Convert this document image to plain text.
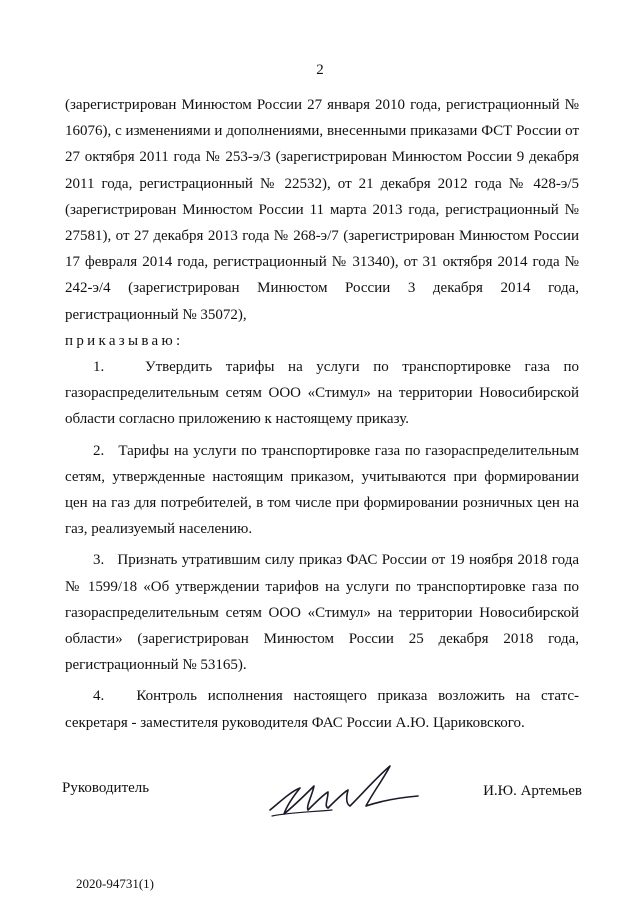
2

(зарегистрирован Минюстом России 27 января 2010 года, регистрационный № 16076), с изменениями и дополнениями, внесенными приказами ФСТ России от 27 октября 2011 года № 253-э/3 (зарегистрирован Минюстом России 9 декабря 2011 года, регистрационный № 22532), от 21 декабря 2012 года № 428-э/5 (зарегистрирован Минюстом России 11 марта 2013 года, регистрационный № 27581), от 27 декабря 2013 года № 268-э/7 (зарегистрирован Минюстом России 17 февраля 2014 года, регистрационный № 31340), от 31 октября 2014 года № 242-э/4 (зарегистрирован Минюстом России 3 декабря 2014 года, регистрационный № 35072),

приказываю:

1.	Утвердить тарифы на услуги по транспортировке газа по газораспределительным сетям ООО «Стимул» на территории Новосибирской области согласно приложению к настоящему приказу.

2. Тарифы на услуги по транспортировке газа по газораспределительным сетям, утвержденные настоящим приказом, учитываются при формировании цен на газ для потребителей, в том числе при формировании розничных цен на газ, реализуемый населению.

3. Признать утратившим силу приказ ФАС России от 19 ноября 2018 года № 1599/18 «Об утверждении тарифов на услуги по транспортировке газа по газораспределительным сетям ООО «Стимул» на территории Новосибирской области» (зарегистрирован Минюстом России 25 декабря 2018 года, регистрационный № 53165).

4. Контроль исполнения настоящего приказа возложить на статс-секретаря - заместителя руководителя ФАС России А.Ю. Цариковского.

Руководитель	И.Ю. Артемьев
2020-94731(1)
